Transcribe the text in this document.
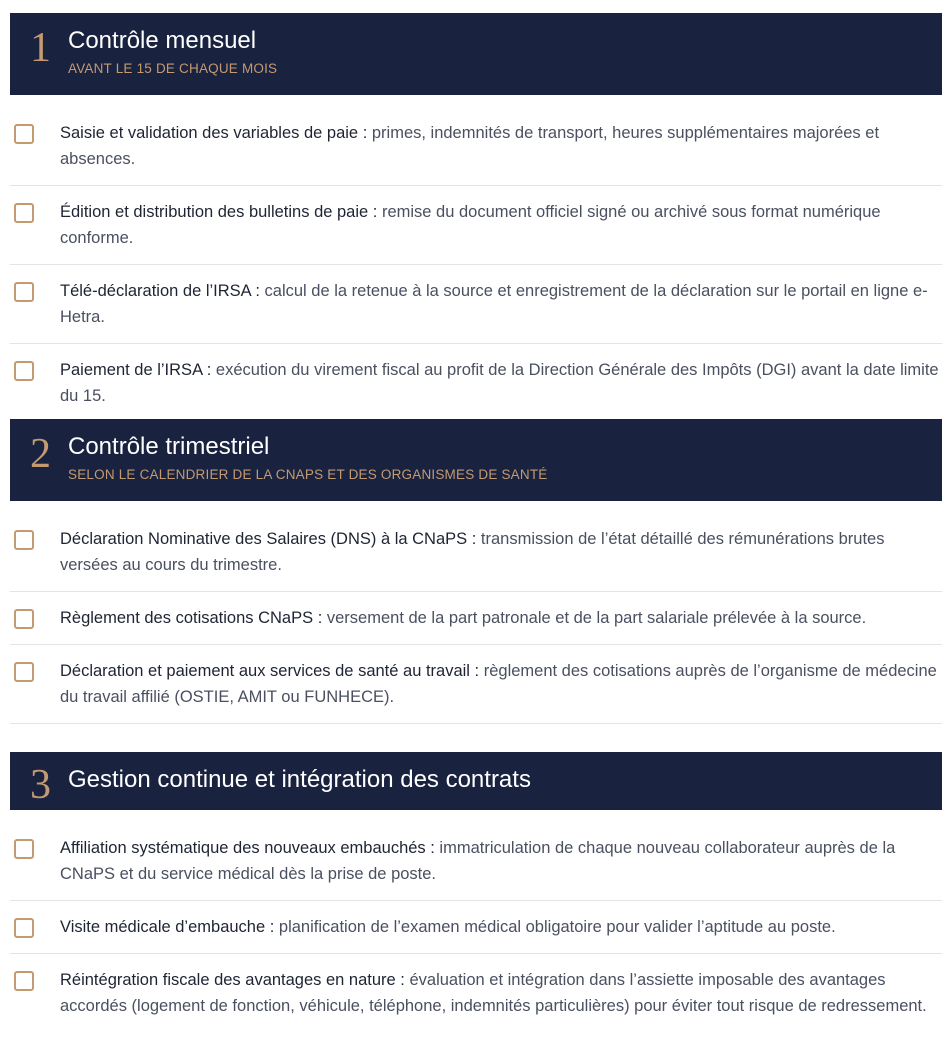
1 Contrôle mensuel
AVANT LE 15 DE CHAQUE MOIS
Saisie et validation des variables de paie : primes, indemnités de transport, heures supplémentaires majorées et absences.
Édition et distribution des bulletins de paie : remise du document officiel signé ou archivé sous format numérique conforme.
Télé-déclaration de l’IRSA : calcul de la retenue à la source et enregistrement de la déclaration sur le portail en ligne e-Hetra.
Paiement de l’IRSA : exécution du virement fiscal au profit de la Direction Générale des Impôts (DGI) avant la date limite du 15.
2 Contrôle trimestriel
SELON LE CALENDRIER DE LA CNAPS ET DES ORGANISMES DE SANTÉ
Déclaration Nominative des Salaires (DNS) à la CNaPS : transmission de l’état détaillé des rémunérations brutes versées au cours du trimestre.
Règlement des cotisations CNaPS : versement de la part patronale et de la part salariale prélevée à la source.
Déclaration et paiement aux services de santé au travail : règlement des cotisations auprès de l’organisme de médecine du travail affilié (OSTIE, AMIT ou FUNHECE).
3 Gestion continue et intégration des contrats
Affiliation systématique des nouveaux embauchés : immatriculation de chaque nouveau collaborateur auprès de la CNaPS et du service médical dès la prise de poste.
Visite médicale d’embauche : planification de l’examen médical obligatoire pour valider l’aptitude au poste.
Réintégration fiscale des avantages en nature : évaluation et intégration dans l’assiette imposable des avantages accordés (logement de fonction, véhicule, téléphone, indemnités particulières) pour éviter tout risque de redressement.
